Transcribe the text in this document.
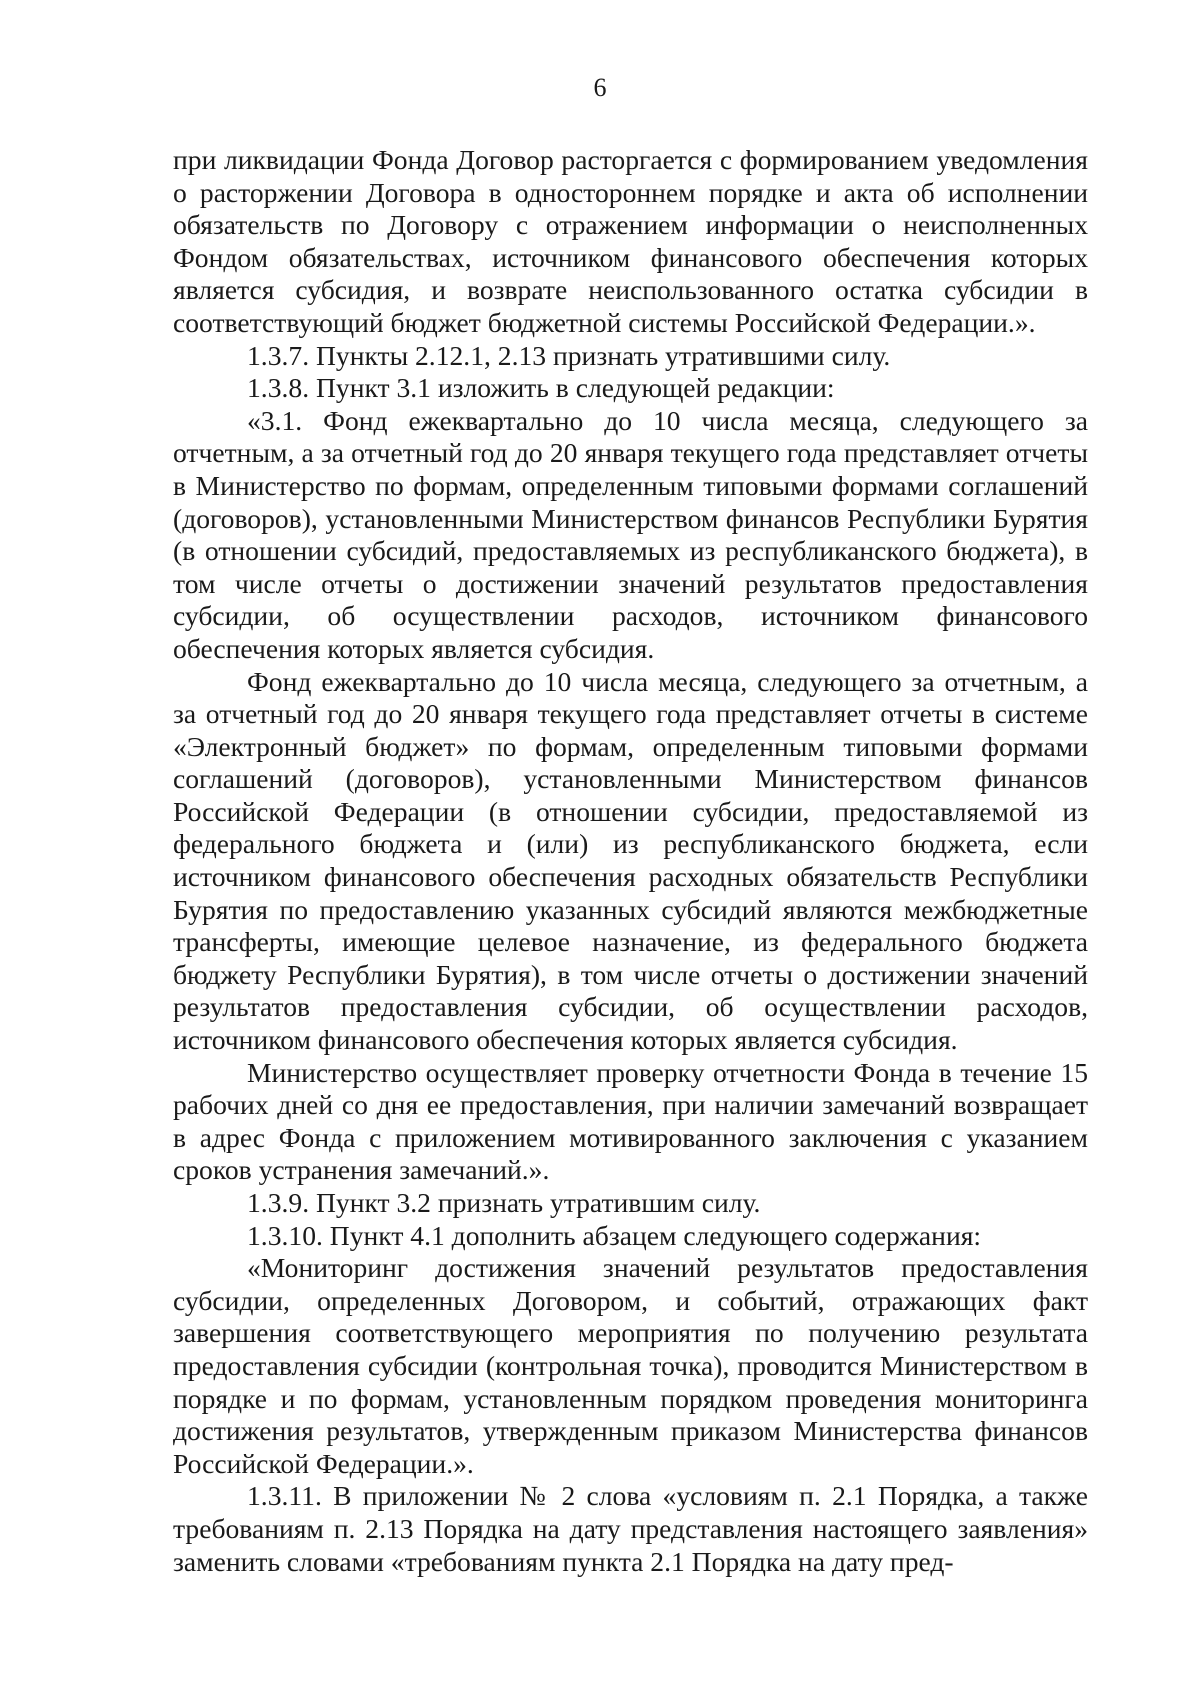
6

при ликвидации Фонда Договор расторгается с формированием уведомления о расторжении Договора в одностороннем порядке и акта об исполнении обязательств по Договору с отражением информации о неисполненных Фондом обязательствах, источником финансового обеспечения которых является субсидия, и возврате неиспользованного остатка субсидии в соответствующий бюджет бюджетной системы Российской Федерации.».

1.3.7. Пункты 2.12.1, 2.13 признать утратившими силу.

1.3.8. Пункт 3.1 изложить в следующей редакции:

«3.1. Фонд ежеквартально до 10 числа месяца, следующего за отчетным, а за отчетный год до 20 января текущего года представляет отчеты в Министерство по формам, определенным типовыми формами соглашений (договоров), установленными Министерством финансов Республики Бурятия (в отношении субсидий, предоставляемых из республиканского бюджета), в том числе отчеты о достижении значений результатов предоставления субсидии, об осуществлении расходов, источником финансового обеспечения которых является субсидия.

Фонд ежеквартально до 10 числа месяца, следующего за отчетным, а за отчетный год до 20 января текущего года представляет отчеты в системе «Электронный бюджет» по формам, определенным типовыми формами соглашений (договоров), установленными Министерством финансов Российской Федерации (в отношении субсидии, предоставляемой из федерального бюджета и (или) из республиканского бюджета, если источником финансового обеспечения расходных обязательств Республики Бурятия по предоставлению указанных субсидий являются межбюджетные трансферты, имеющие целевое назначение, из федерального бюджета бюджету Республики Бурятия), в том числе отчеты о достижении значений результатов предоставления субсидии, об осуществлении расходов, источником финансового обеспечения которых является субсидия.

Министерство осуществляет проверку отчетности Фонда в течение 15 рабочих дней со дня ее предоставления, при наличии замечаний возвращает в адрес Фонда с приложением мотивированного заключения с указанием сроков устранения замечаний.».

1.3.9. Пункт 3.2 признать утратившим силу.

1.3.10. Пункт 4.1 дополнить абзацем следующего содержания:

«Мониторинг достижения значений результатов предоставления субсидии, определенных Договором, и событий, отражающих факт завершения соответствующего мероприятия по получению результата предоставления субсидии (контрольная точка), проводится Министерством в порядке и по формам, установленным порядком проведения мониторинга достижения результатов, утвержденным приказом Министерства финансов Российской Федерации.».

1.3.11. В приложении № 2 слова «условиям п. 2.1 Порядка, а также требованиям п. 2.13 Порядка на дату представления настоящего заявления» заменить словами «требованиям пункта 2.1 Порядка на дату пред-
